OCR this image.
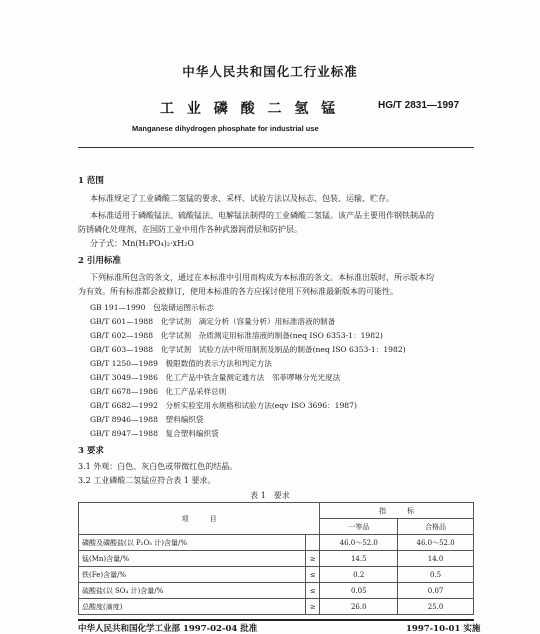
中华人民共和国化工行业标准
工 业 磷 酸 二 氢 锰	HG/T 2831—1997
Manganese dihydrogen phosphate for industrial use
1 范围
本标准规定了工业磷酸二氢锰的要求、采样、试验方法以及标志、包装、运输、贮存。
本标准适用于磷酸锰法、硫酸锰法、电解锰法制得的工业磷酸二氢锰。该产品主要用作钢铁制品的
防锈磷化处理剂，在国防工业中用作各种武器润滑层和防护层。
分子式：Mn(H₂PO₄)₂·xH₂O
2 引用标准
下列标准所包含的条文，通过在本标准中引用而构成为本标准的条文。本标准出版时，所示版本均
为有效。所有标准都会被修订，使用本标准的各方应探讨使用下列标准最新版本的可能性。
GB 191—1990　 包装储运图示标志
GB/T 601—1988　 化学试剂　滴定分析（容量分析）用标准溶液的制备
GB/T 602—1988　 化学试剂　杂质测定用标准溶液的制备(neq ISO 6353-1：1982)
GB/T 603—1988　 化学试剂　试验方法中所用制剂及制品的制备(neq ISO 6353-1：1982)
GB/T 1250—1989　 极限数值的表示方法和判定方法
GB/T 3049—1986　 化工产品中铁含量测定通方法　邻菲啰啉分光光度法
GB/T 6678—1986　 化工产品采样总则
GB/T 6682—1992　 分析实验室用水规格和试验方法(eqv ISO 3696：1987)
GB/T 8946—1988　 塑料编织袋
GB/T 8947—1988　 复合塑料编织袋
3 要求
3.1 外观：白色、灰白色或带微红色的结晶。
3.2 工业磷酸二氢锰应符合表 1 要求。
表 1　要求
项　　　目		指　　　标	
		一等品	合格品
磷酸及磷酸盐(以 P₂O₅ 计)含量/%		46.0～52.0	46.0～52.0
锰(Mn)含量/%	≥	14.5	14.0
铁(Fe)含量/%	≤	0.2	0.5
硫酸盐(以 SO₄ 计)含量/%	≤	0.05	0.07
总酸度(滴度)	≥	26.0	25.0
中华人民共和国化学工业部 1997-02-04 批准	1997-10-01 实施
